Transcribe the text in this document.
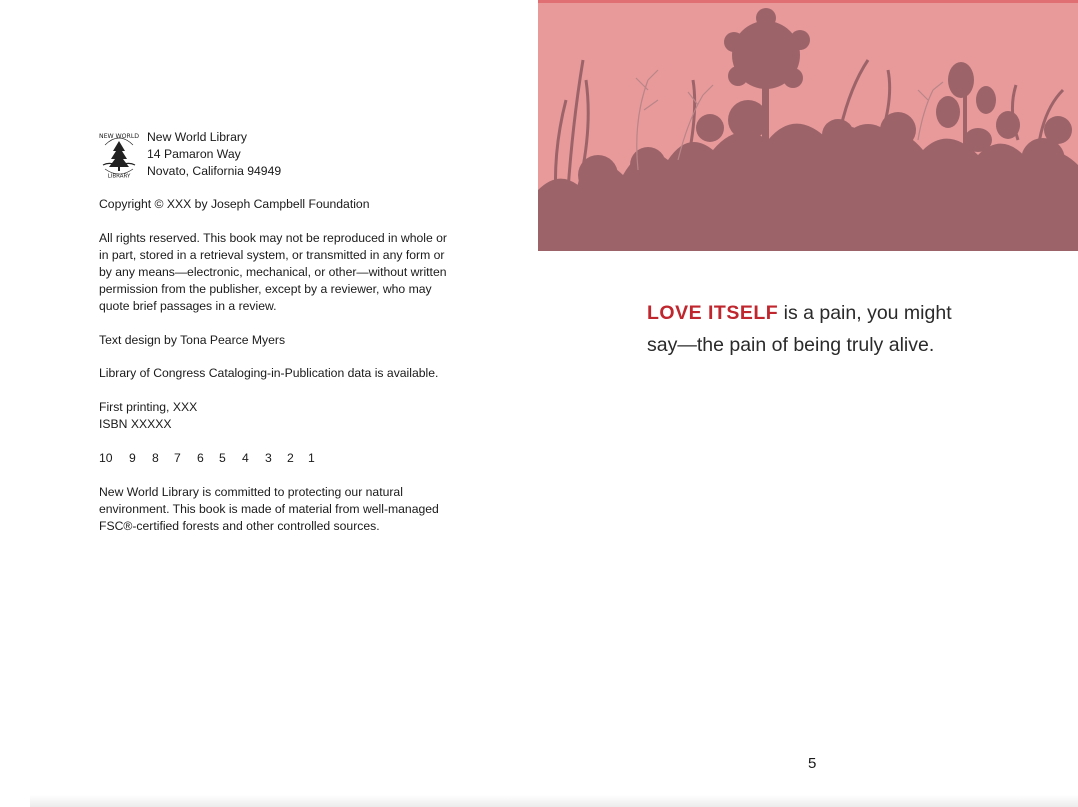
NEW WORLD
LIBRARY
New World Library
14 Pamaron Way
Novato, California 94949

Copyright © XXX by Joseph Campbell Foundation

All rights reserved. This book may not be reproduced in whole or in part, stored in a retrieval system, or transmitted in any form or by any means—electronic, mechanical, or other—without written permission from the publisher, except by a reviewer, who may quote brief passages in a review.

Text design by Tona Pearce Myers

Library of Congress Cataloging-in-Publication data is available.

First printing, XXX

ISBN XXXXX

10	9	8	7	6	5	4	3	2	1

New World Library is committed to protecting our natural environment. This book is made of material from well-managed FSC®-certified forests and other controlled sources.

LOVE ITSELF is a pain, you might
say—the pain of being truly alive.

5
